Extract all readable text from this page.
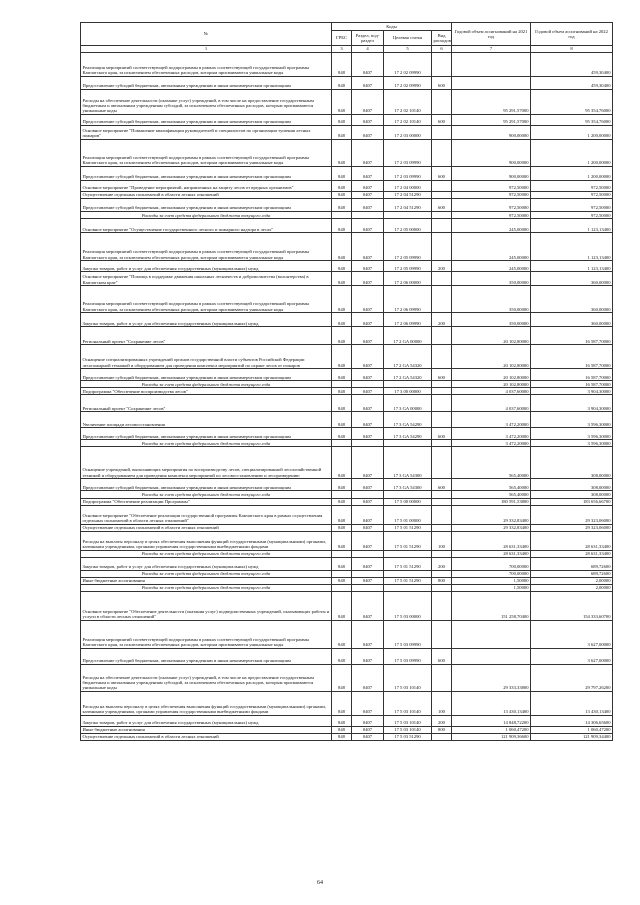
№	Коды				Годовой объем ассигнований на 2021 год	Годовой объем ассигнований на 2022 год
	ГРБС	Раздел, под-раздел	Целевая статья	Вид расходов		
1	3	4	5	6	7	8
Реализация мероприятий соответствующей подпрограммы в рамках соответствующей государственной программы Камчатского края, за исключением обеспеченных расходов, которым присваиваются уникальные коды	848	0407	17 2 02 09990			459,30400
Предоставление субсидий бюджетным, автономным учреждениям и иным некоммерческим организациям	848	0407	17 2 02 09990	600		459,30400
Расходы на обеспечение деятельности (оказание услуг) учреждений, в том числе на предоставление государственным бюджетным и автономным учреждениям субсидий, за исключением обеспеченных расходов, которым присваиваются уникальные коды	848	0407	17 2 02 10140		95 291,57000	95 354,76000
Предоставление субсидий бюджетным, автономным учреждениям и иным некоммерческим организациям	848	0407	17 2 02 10140	600	95 291,57000	95 354,76000
Основное мероприятие "Повышение квалификации руководителей и специалистов по организации тушения лесных пожаров"	848	0407	17 2 03 00000		900,00000	1 200,00000
Реализация мероприятий соответствующей подпрограммы в рамках соответствующей государственной программы Камчатского края, за исключением обеспеченных расходов, которым присваиваются уникальные коды	848	0407	17 2 03 09990		900,00000	1 200,00000
Предоставление субсидий бюджетным, автономным учреждениям и иным некоммерческим организациям	848	0407	17 2 03 09990	600	900,00000	1 200,00000
Основное мероприятие "Проведение мероприятий, направленных на защиту лесов от вредных организмов"	848	0407	17 2 04 00000		972,50000	972,50000
Осуществление отдельных полномочий в области лесных отношений	848	0407	17 2 04 51290		972,50000	972,50000
Предоставление субсидий бюджетным, автономным учреждениям и иным некоммерческим организациям	848	0407	17 2 04 51290	600	972,50000	972,50000
Расходы за счет средств федерального бюджета текущего года					972,50000	972,50000
Основное мероприятие "Осуществление государственного лесного и пожарного надзора в лесах"	848	0407	17 2 05 00000		245,00000	1 123,13400
Реализация мероприятий соответствующей подпрограммы в рамках соответствующей государственной программы Камчатского края, за исключением обеспеченных расходов, которым присваиваются уникальные коды	848	0407	17 2 05 09990		245,00000	1 123,13400
Закупка товаров, работ и услуг для обеспечения государственных (муниципальных) нужд	848	0407	17 2 05 09990	200	245,00000	1 123,13400
Основное мероприятие "Помощь в поддержке движения школьных лесничеств и добровольчества (волонтерства) в Камчатском крае"	848	0407	17 2 06 00000		350,00000	360,00000
Реализация мероприятий соответствующей подпрограммы в рамках соответствующей государственной программы Камчатского края, за исключением обеспеченных расходов, которым присваиваются уникальные коды	848	0407	17 2 06 09990		350,00000	360,00000
Закупка товаров, работ и услуг для обеспечения государственных (муниципальных) нужд	848	0407	17 2 06 09990	200	350,00000	360,00000
Региональный проект "Сохранение лесов"	848	0407	17 2 GA 00000		20 102,80000	16 587,70000
Оснащение специализированных учреждений органов государственной власти субъектов Российской Федерации лесопожарной техникой и оборудованием для проведения комплекса мероприятий по охране лесов от пожаров	848	0407	17 2 GA 54320		20 102,80000	16 587,70000
Предоставление субсидий бюджетным, автономным учреждениям и иным некоммерческим организациям	848	0407	17 2 GA 54320	600	20 102,80000	16 587,70000
Расходы за счет средств федерального бюджета текущего года					20 102,80000	16 587,70000
Подпрограмма "Обеспечение воспроизводства лесов"	848	0407	17 3 00 00000		4 037,60000	3 904,30000
Региональный проект "Сохранение лесов"	848	0407	17 3 GA 00000		4 037,60000	3 904,30000
Увеличение площади лесовосстановления	848	0407	17 3 GA 54290		3 472,20000	3 596,30000
Предоставление субсидий бюджетным, автономным учреждениям и иным некоммерческим организациям	848	0407	17 3 GA 54290	600	3 472,20000	3 596,30000
Расходы за счет средств федерального бюджета текущего года					3 472,20000	3 596,30000
Оснащение учреждений, выполняющих мероприятия по воспроизводству лесов, специализированной лесохозяйственной техникой и оборудованием для проведения комплекса мероприятий по лесовосстановлению и лесоразведению	848	0407	17 3 GA 54300		565,40000	308,00000
Предоставление субсидий бюджетным, автономным учреждениям и иным некоммерческим организациям	848	0407	17 3 GA 54300	600	565,40000	308,00000
Расходы за счет средств федерального бюджета текущего года					565,40000	308,00000
Подпрограмма "Обеспечение реализации Программы"	848	0407	17 5 00 00000		180 591,53800	183 656,66700
Основное мероприятие "Обеспечение реализации государственной программы Камчатского края в рамках осуществления отдельных полномочий в области лесных отношений"	848	0407	17 5 01 00000		29 332,83400	29 323,06000
Осуществление отдельных полномочий в области лесных отношений	848	0407	17 5 01 51290		29 332,83400	29 323,06000
Расходы на выплаты персоналу в целях обеспечения выполнения функций государственными (муниципальными) органами, казенными учреждениями, органами управления государственными внебюджетными фондами	848	0407	17 5 01 51290	100	28 631,33400	28 631,33400
Расходы за счет средств федерального бюджета текущего года					28 631,33400	28 631,33400
Закупка товаров, работ и услуг для обеспечения государственных (муниципальных) нужд	848	0407	17 5 01 51290	200	700,00000	689,72600
Расходы за счет средств федерального бюджета текущего года					700,00000	689,72600
Иные бюджетные ассигнования	848	0407	17 5 01 51290	800	1,50000	2,00000
Расходы за счет средств федерального бюджета текущего года					1,50000	2,00000
Основное мероприятие "Обеспечение деятельности (оказания услуг) подведомственных учреждений, оказывающих работы и услуги в области лесных отношений"	848	0407	17 5 03 00000		151 258,70400	154 333,60700
Реализация мероприятий соответствующей подпрограммы в рамках соответствующей государственной программы Камчатского края, за исключением обеспеченных расходов, которым присваиваются уникальные коды	848	0407	17 5 03 09990			3 627,00000
Предоставление субсидий бюджетным, автономным учреждениям и иным некоммерческим организациям	848	0407	17 5 03 09990	600		3 627,00000
Расходы на обеспечение деятельности (оказание услуг) учреждений, в том числе на предоставление государственным бюджетным и автономным учреждениям субсидий, за исключением обеспеченных расходов, которым присваиваются уникальные коды	848	0407	17 5 03 10140		29 333,33800	29 797,26200
Расходы на выплаты персоналу в целях обеспечения выполнения функций государственными (муниципальными) органами, казенными учреждениями, органами управления государственными внебюджетными фондами	848	0407	17 5 03 10140	100	13 430,13400	13 430,13400
Закупка товаров, работ и услуг для обеспечения государственных (муниципальных) нужд	848	0407	17 5 03 10140	200	14 848,72200	14 306,65600
Иные бюджетные ассигнования	848	0407	17 5 03 10140	800	1 060,47200	1 060,47200
Осуществление отдельных полномочий в области лесных отношений	848	0407	17 5 03 51290		121 909,36600	121 909,34400
64
